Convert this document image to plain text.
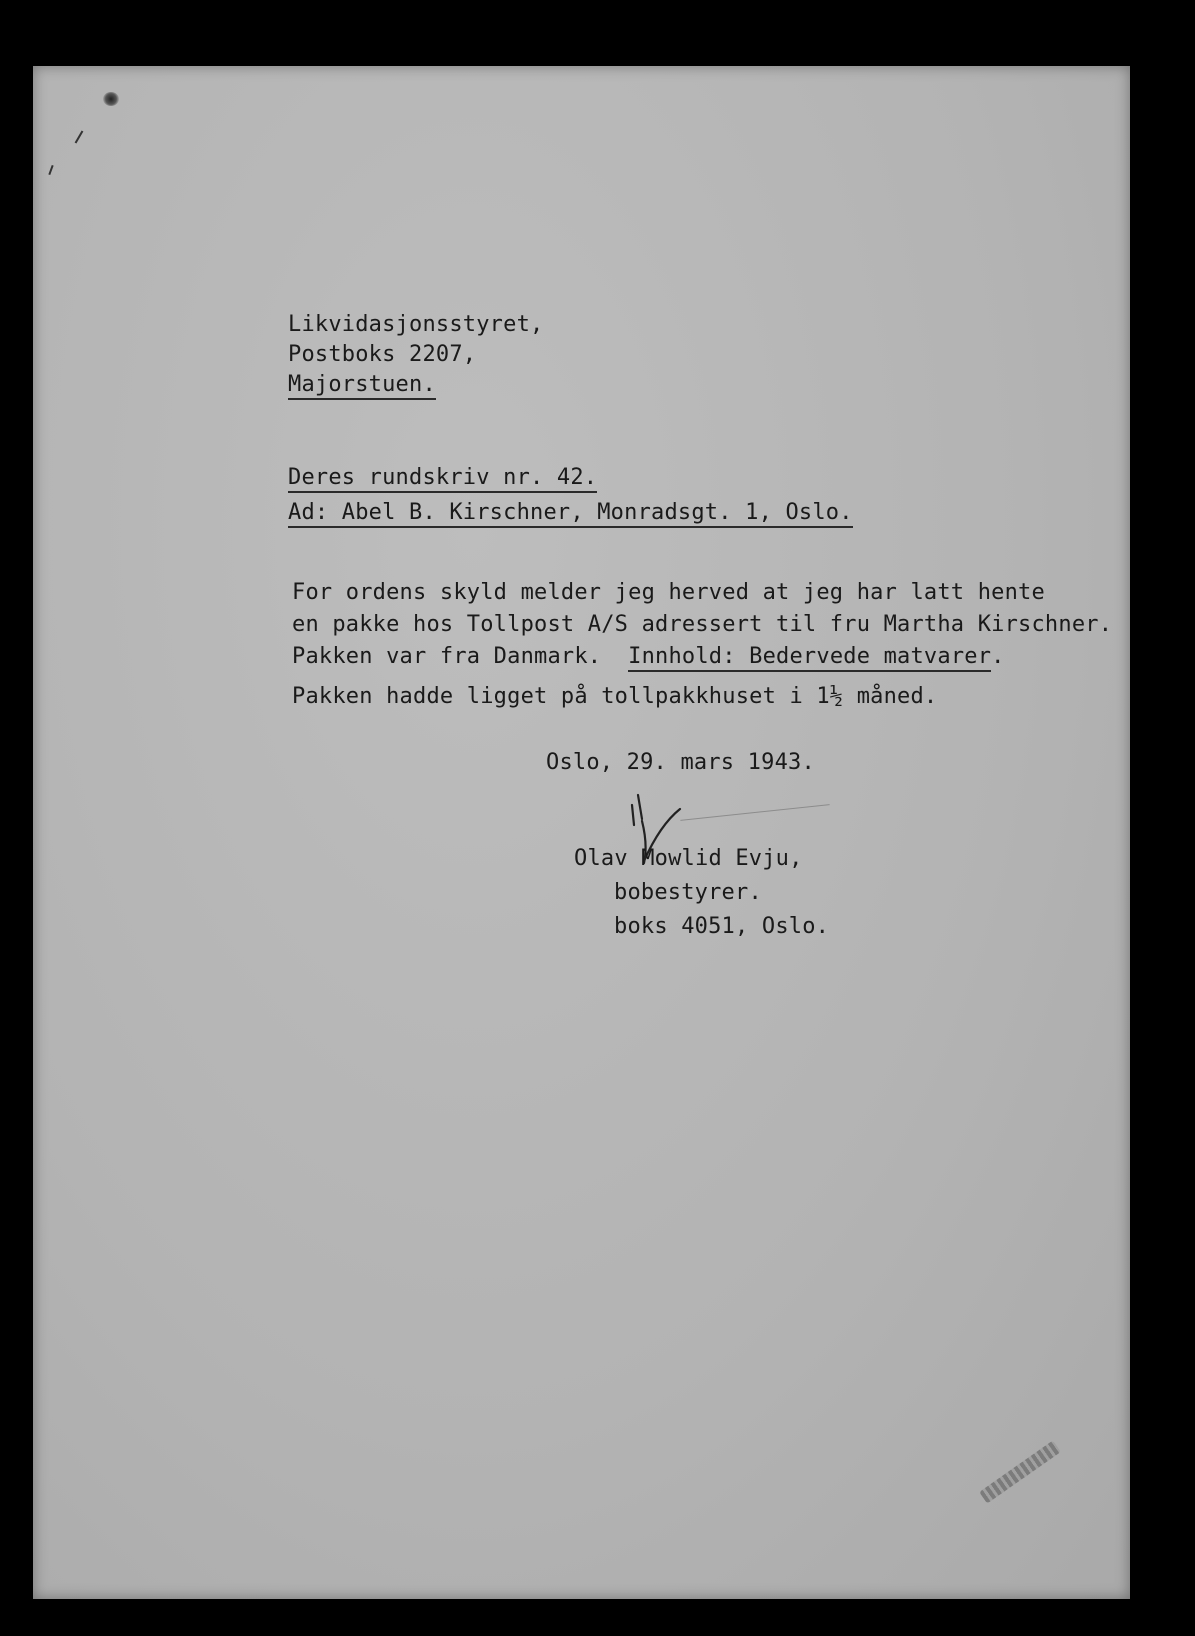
Likvidasjonsstyret,
Postboks 2207,
Majorstuen.
Deres rundskriv nr. 42.
Ad: Abel B. Kirschner, Monradsgt. 1, Oslo.
For ordens skyld melder jeg herved at jeg har latt hente
en pakke hos Tollpost A/S adressert til fru Martha Kirschner.
Pakken var fra Danmark.  Innhold: Bedervede matvarer.
Pakken hadde ligget på tollpakkhuset i 1½ måned.
Oslo, 29. mars 1943.
Olav Mowlid Evju,
bobestyrer.
boks 4051, Oslo.
